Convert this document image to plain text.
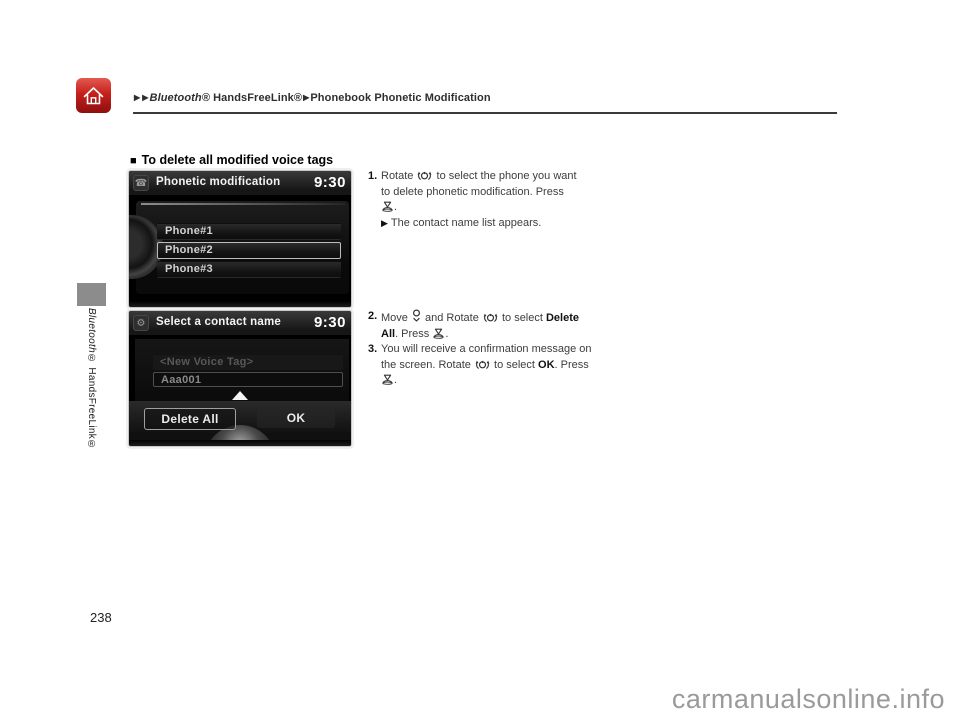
▶ ▶Bluetooth® HandsFreeLink®▶Phonebook Phonetic Modification
Bluetooth® HandsFreeLink®
■ To delete all modified voice tags
☎ Phonetic modification 9:30
Phone#1
Phone#2
Phone#3
⚙ Select a contact name 9:30
<New Voice Tag>
Aaa001
Delete All	OK
1. Rotate
to select the phone you want to delete phonetic modification. Press
.
▶ The contact name list appears.
2. Move
and Rotate
to select Delete All. Press
.
3. You will receive a confirmation message on the screen. Rotate
to select OK. Press
.
238
carmanualsonline.info
